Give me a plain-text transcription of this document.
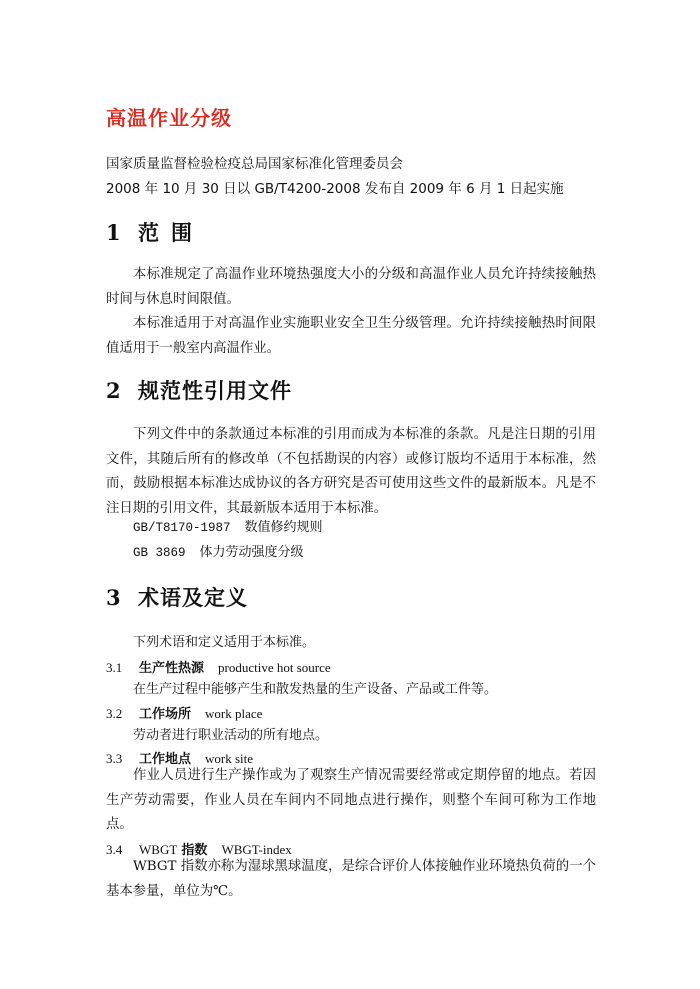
高温作业分级

国家质量监督检验检疫总局国家标准化管理委员会

2008 年 10 月 30 日以 GB/T4200-2008 发布自 2009 年 6 月 1 日起实施

1 范围

本标准规定了高温作业环境热强度大小的分级和高温作业人员允许持续接触热时间与休息时间限值。

本标准适用于对高温作业实施职业安全卫生分级管理。允许持续接触热时间限值适用于一般室内高温作业。

2 规范性引用文件

下列文件中的条款通过本标准的引用而成为本标准的条款。凡是注日期的引用文件，其随后所有的修改单（不包括勘误的内容）或修订版均不适用于本标准，然而，鼓励根据本标准达成协议的各方研究是否可使用这些文件的最新版本。凡是不注日期的引用文件，其最新版本适用于本标准。

GB/T8170-1987 数值修约规则

GB 3869 体力劳动强度分级

3 术语及定义

下列术语和定义适用于本标准。

3.1 生产性热源 productive hot source

在生产过程中能够产生和散发热量的生产设备、产品或工件等。

3.2 工作场所 work place

劳动者进行职业活动的所有地点。

3.3 工作地点 work site

作业人员进行生产操作或为了观察生产情况需要经常或定期停留的地点。若因生产劳动需要，作业人员在车间内不同地点进行操作，则整个车间可称为工作地点。

3.4 WBGT 指数 WBGT-index

WBGT 指数亦称为湿球黑球温度，是综合评价人体接触作业环境热负荷的一个基本参量，单位为℃。
